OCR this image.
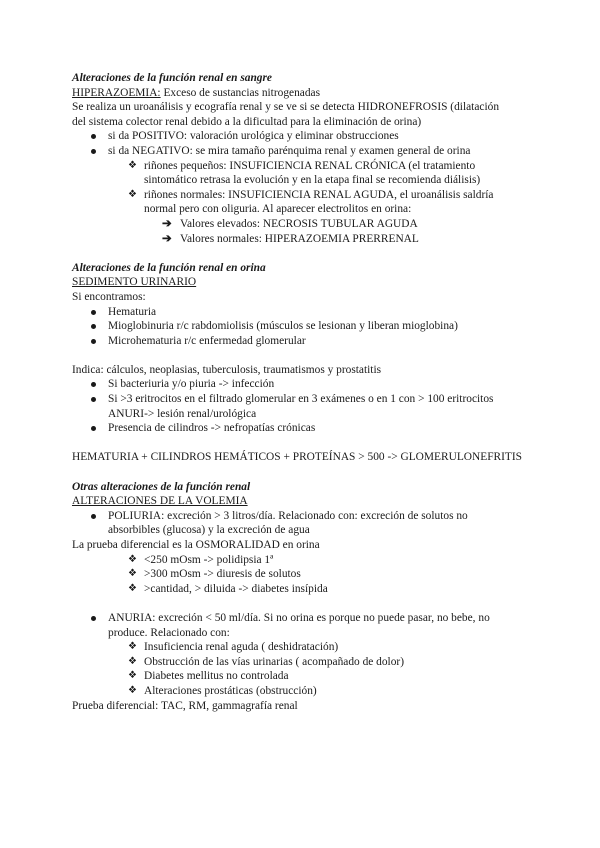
Alteraciones de la función renal en sangre
HIPERAZOEMIA: Exceso de sustancias nitrogenadas
Se realiza un uroanálisis y ecografía renal y se ve si se detecta HIDRONEFROSIS (dilatación
del sistema colector renal debido a la dificultad para la eliminación de orina)
si da POSITIVO: valoración urológica y eliminar obstrucciones
si da NEGATIVO: se mira tamaño parénquima renal y examen general de orina
❖ riñones pequeños: INSUFICIENCIA RENAL CRÓNICA (el tratamiento
sintomático retrasa la evolución y en la etapa final se recomienda diálisis)
❖ riñones normales: INSUFICIENCIA RENAL AGUDA, el uroanálisis saldría
normal pero con oliguria. Al aparecer electrolitos en orina:
➔ Valores elevados: NECROSIS TUBULAR AGUDA
➔ Valores normales: HIPERAZOEMIA PRERRENAL
Alteraciones de la función renal en orina
SEDIMENTO URINARIO
Si encontramos:
Hematuria
Mioglobinuria r/c rabdomiolisis (músculos se lesionan y liberan mioglobina)
Microhematuria r/c enfermedad glomerular
Indica: cálculos, neoplasias, tuberculosis, traumatismos y prostatitis
Si bacteriuria y/o piuria -> infección
Si >3 eritrocitos en el filtrado glomerular en 3 exámenes o en 1 con > 100 eritrocitos
ANURI-> lesión renal/urológica
Presencia de cilindros -> nefropatías crónicas
HEMATURIA + CILINDROS HEMÁTICOS + PROTEÍNAS > 500 -> GLOMERULONEFRITIS
Otras alteraciones de la función renal
ALTERACIONES DE LA VOLEMIA
POLIURIA: excreción > 3 litros/día. Relacionado con: excreción de solutos no
absorbibles (glucosa) y la excreción de agua
La prueba diferencial es la OSMORALIDAD en orina
❖ <250 mOsm -> polidipsia 1ª
❖ >300 mOsm -> diuresis de solutos
❖ >cantidad, > diluida -> diabetes insípida
ANURIA: excreción < 50 ml/día. Si no orina es porque no puede pasar, no bebe, no
produce. Relacionado con:
❖ Insuficiencia renal aguda ( deshidratación)
❖ Obstrucción de las vías urinarias ( acompañado de dolor)
❖ Diabetes mellitus no controlada
❖ Alteraciones prostáticas (obstrucción)
Prueba diferencial: TAC, RM, gammagrafía renal
